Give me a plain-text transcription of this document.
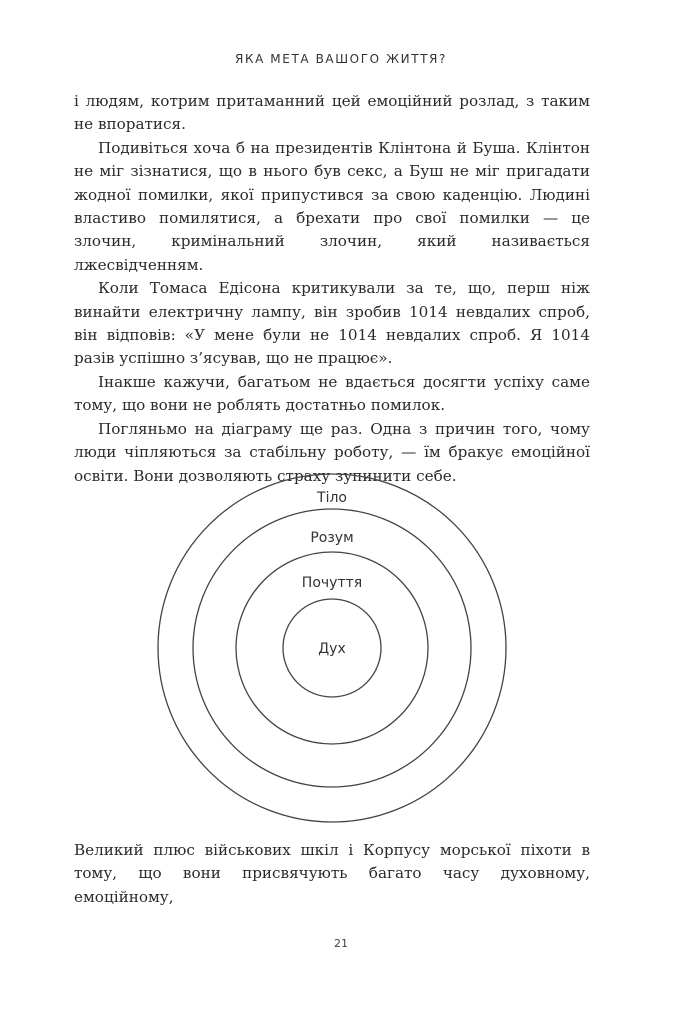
ЯКА МЕТА ВАШОГО ЖИТТЯ?

і людям, котрим притаманний цей емоційний розлад, з таким не впоратися.

Подивіться хоча б на президентів Клінтона й Буша. Клінтон не міг зізнатися, що в нього був секс, а Буш не міг пригадати жодної помилки, якої припустився за свою каденцію. Людині властиво помилятися, а брехати про свої помилки — це злочин, кримінальний злочин, який називається лжесвідченням.

Коли Томаса Едісона критикували за те, що, перш ніж винайти електричну лампу, він зробив 1014 невдалих спроб, він відповів: «У мене були не 1014 невдалих спроб. Я 1014 разів успішно з’ясував, що не працює».

Інакше кажучи, багатьом не вдається досягти успіху саме тому, що вони не роблять достатньо помилок.

Погляньмо на діаграму ще раз. Одна з причин того, чому люди чіпляються за стабільну роботу, — їм бракує емоційної освіти. Вони дозволяють страху зупинити себе.

Тіло
Розум
Почуття
Дух

Великий плюс військових шкіл і Корпусу морської піхоти в тому, що вони присвячують багато часу духовному, емоційному,

21
